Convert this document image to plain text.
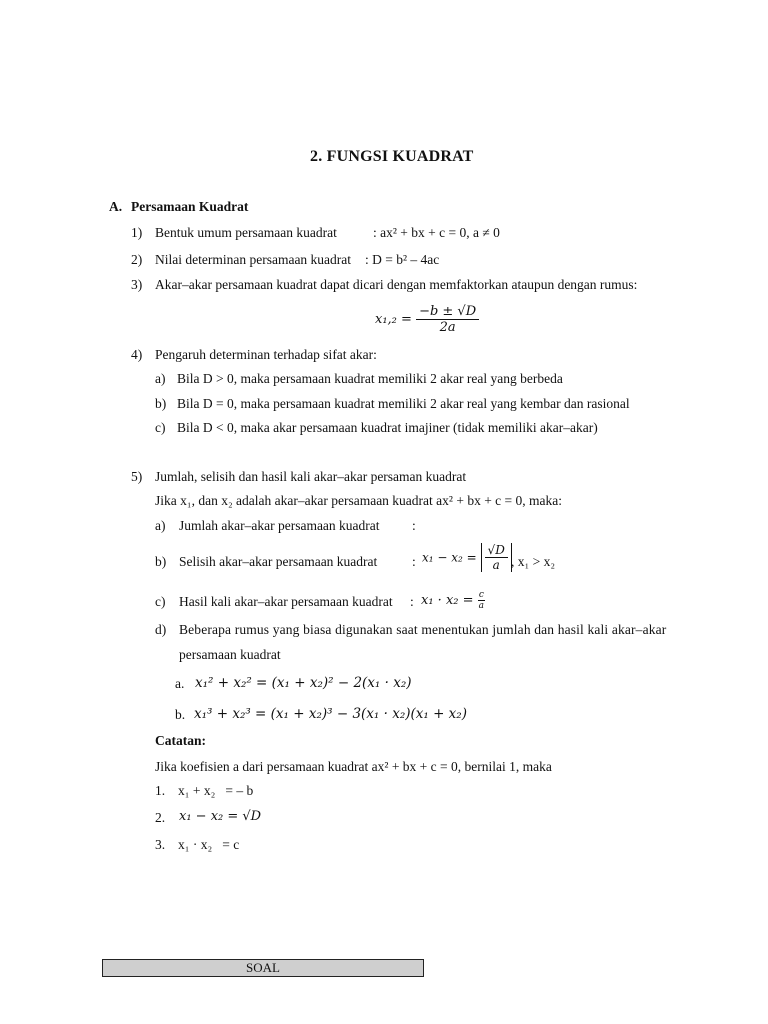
2. FUNGSI KUADRAT
A. Persamaan Kuadrat
1) Bentuk umum persamaan kuadrat	: ax² + bx + c = 0, a ≠ 0
2) Nilai determinan persamaan kuadrat : D = b² – 4ac
3) Akar–akar persamaan kuadrat dapat dicari dengan memfaktorkan ataupun dengan rumus:
$x_1,_2 = \frac{-b \pm √D}{2a}$
4) Pengaruh determinan terhadap sifat akar:
a) Bila D > 0, maka persamaan kuadrat memiliki 2 akar real yang berbeda
b) Bila D = 0, maka persamaan kuadrat memiliki 2 akar real yang kembar dan rasional
c) Bila D < 0, maka akar persamaan kuadrat imajiner (tidak memiliki akar–akar)
5) Jumlah, selisih dan hasil kali akar–akar persaman kuadrat
Jika x₁, dan x₂ adalah akar–akar persamaan kuadrat ax² + bx + c = 0, maka:
a) Jumlah akar–akar persamaan kuadrat :
b) Selisih akar–akar persamaan kuadrat	: $x_1 - x_2 = \frac{√D}{a}$ , x₁ > x₂
c) Hasil kali akar–akar persamaan kuadrat : $x_1 \cdot x_2 = \frac{c}{a}$
d) Beberapa rumus yang biasa digunakan saat menentukan jumlah dan hasil kali akar–akar
persamaan kuadrat
a. x₁² + x₂² = (x₁ + x₂)² − 2(x₁ · x₂)
b. x₁³ + x₂³ = (x₁ + x₂)³ − 3(x₁ · x₂)(x₁ + x₂)
Catatan:
Jika koefisien a dari persamaan kuadrat ax² + bx + c = 0, bernilai 1, maka
1. x₁ + x₂   = – b
2. x₁ − x₂ = √D
3. x₁ · x₂   = c
SOAL
